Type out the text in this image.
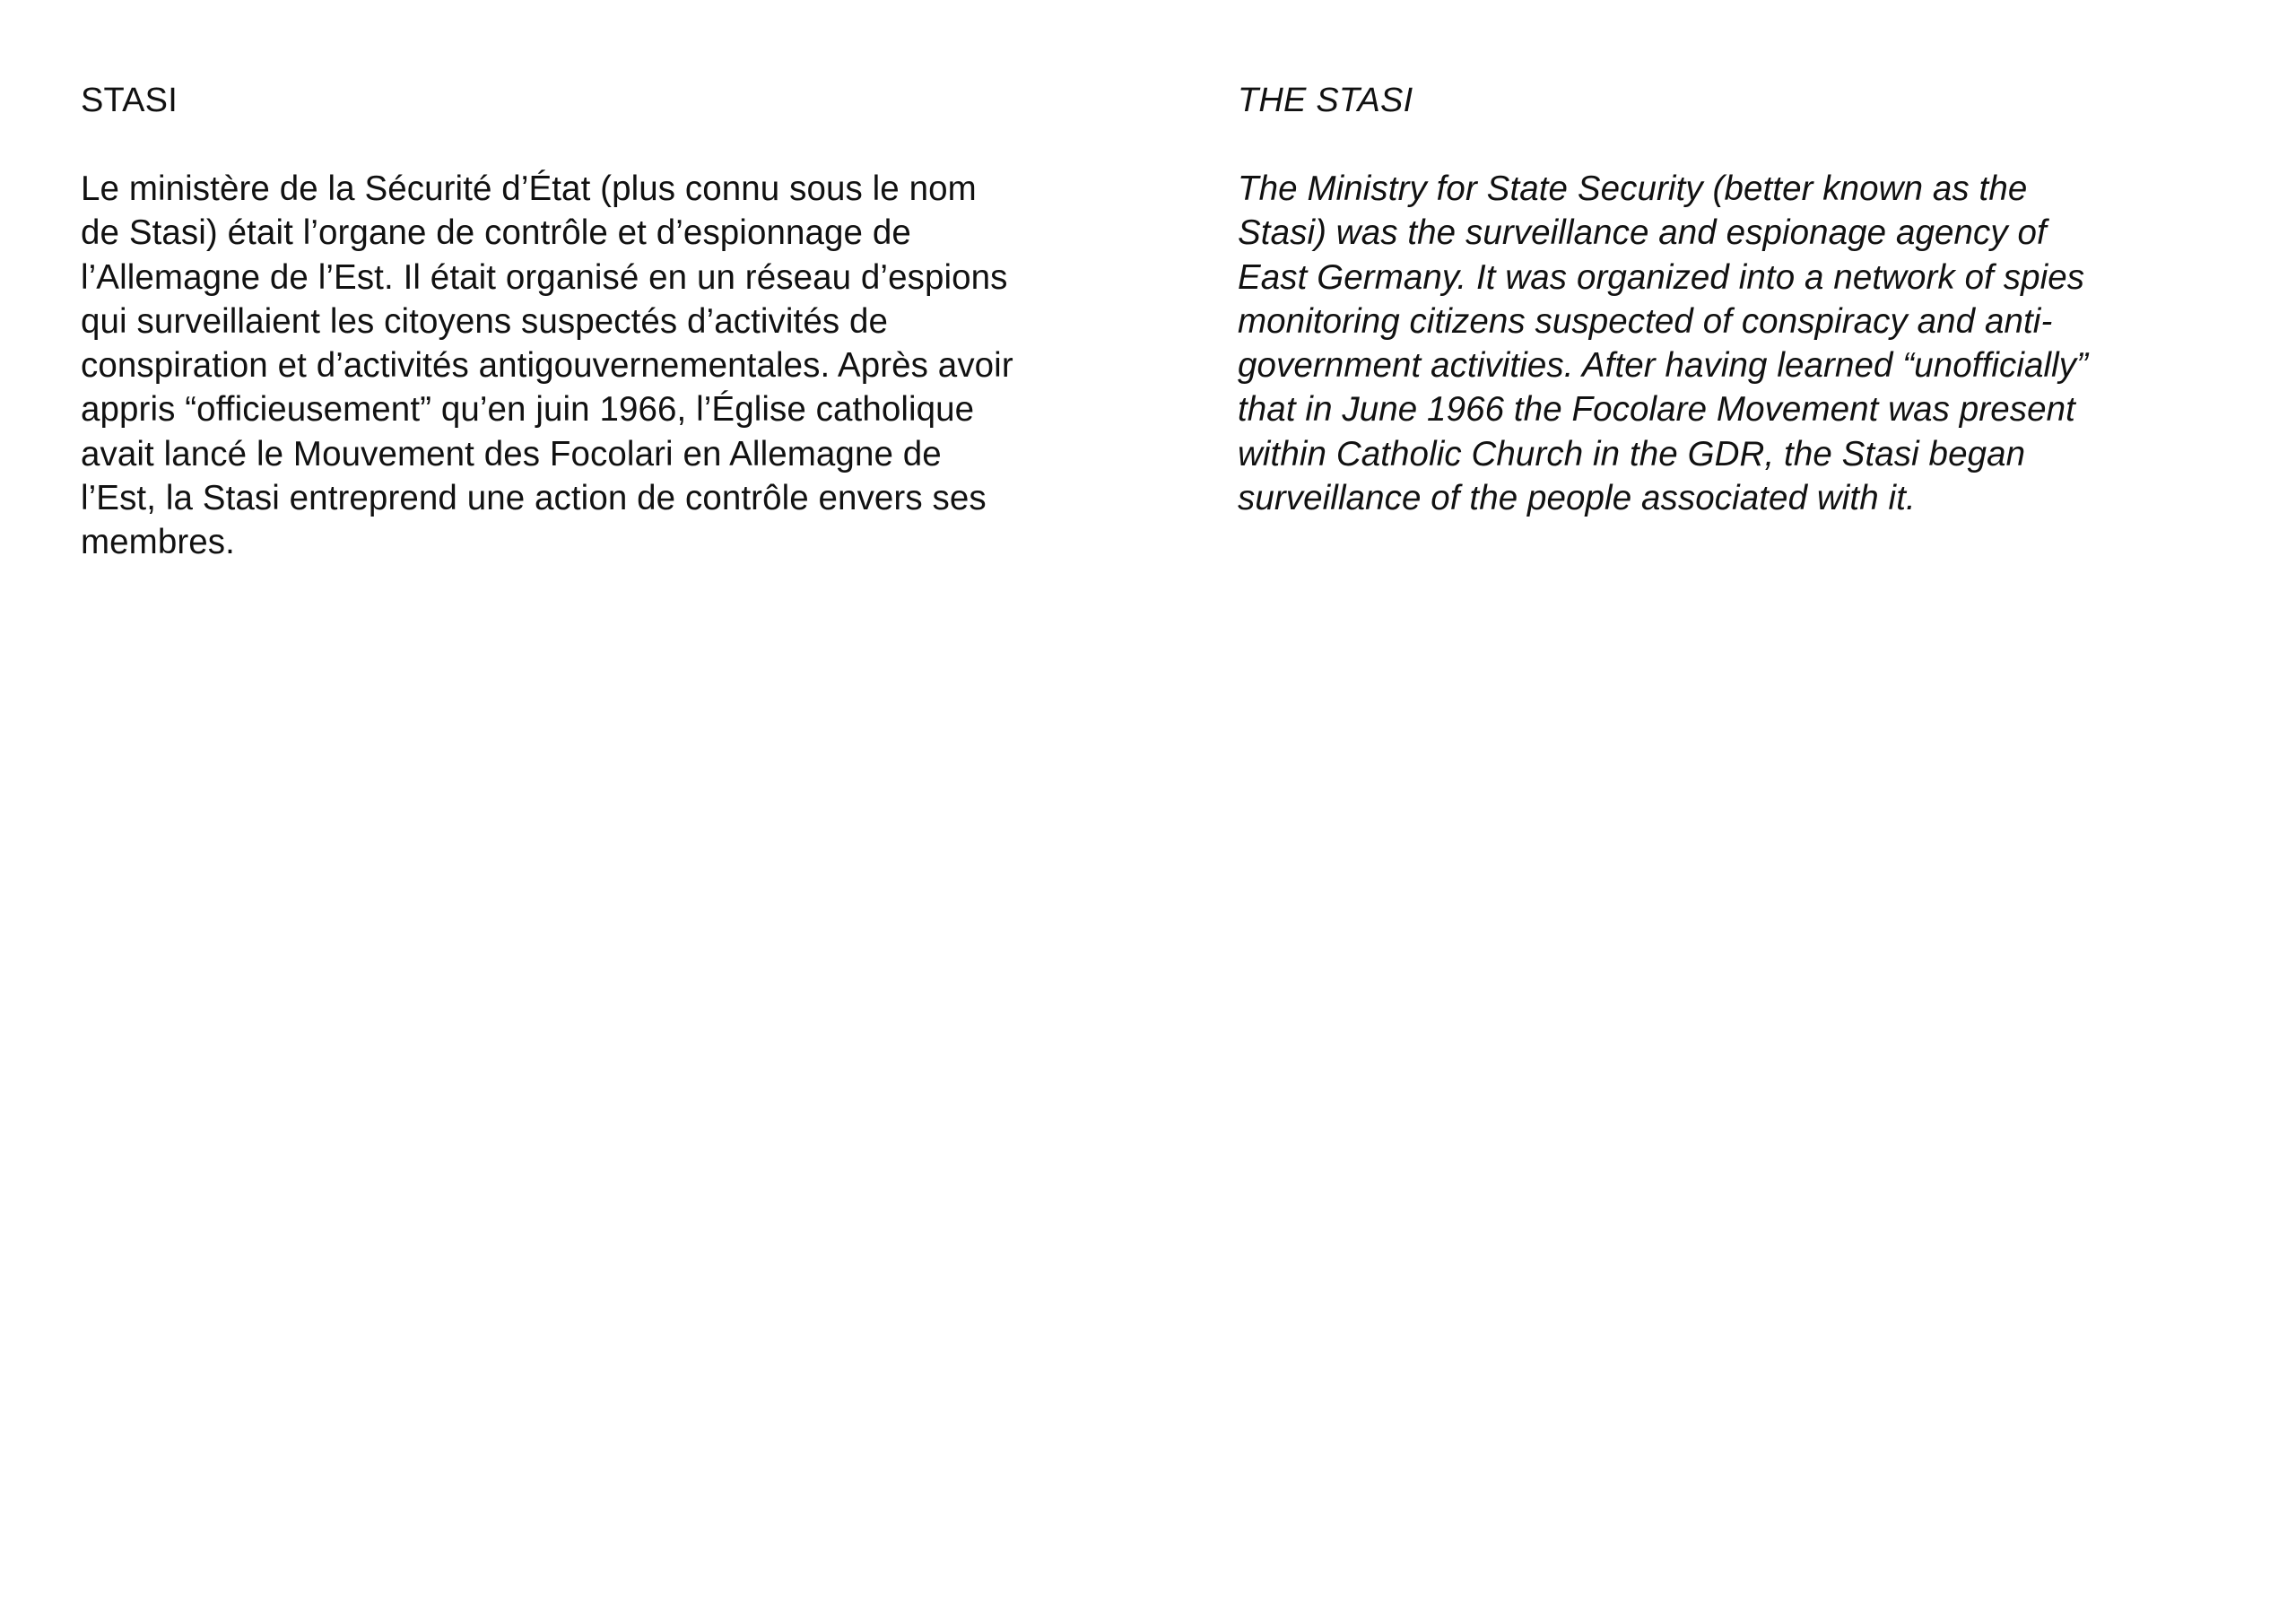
STASI
Le ministère de la Sécurité d’État (plus connu sous le nom
de Stasi) était l’organe de contrôle et d’espionnage de
l’Allemagne de l’Est. Il était organisé en un réseau d’espions
qui surveillaient les citoyens suspectés d’activités de
conspiration et d’activités antigouvernementales. Après avoir
appris “officieusement” qu’en juin 1966, l’Église catholique
avait lancé le Mouvement des Focolari en Allemagne de
l’Est, la Stasi entreprend une action de contrôle envers ses
membres.
THE STASI
The Ministry for State Security (better known as the
Stasi) was the surveillance and espionage agency of
East Germany. It was organized into a network of spies
monitoring citizens suspected of conspiracy and anti-
government activities. After having learned “unofficially”
that in June 1966 the Focolare Movement was present
within Catholic Church in the GDR, the Stasi began
surveillance of the people associated with it.
